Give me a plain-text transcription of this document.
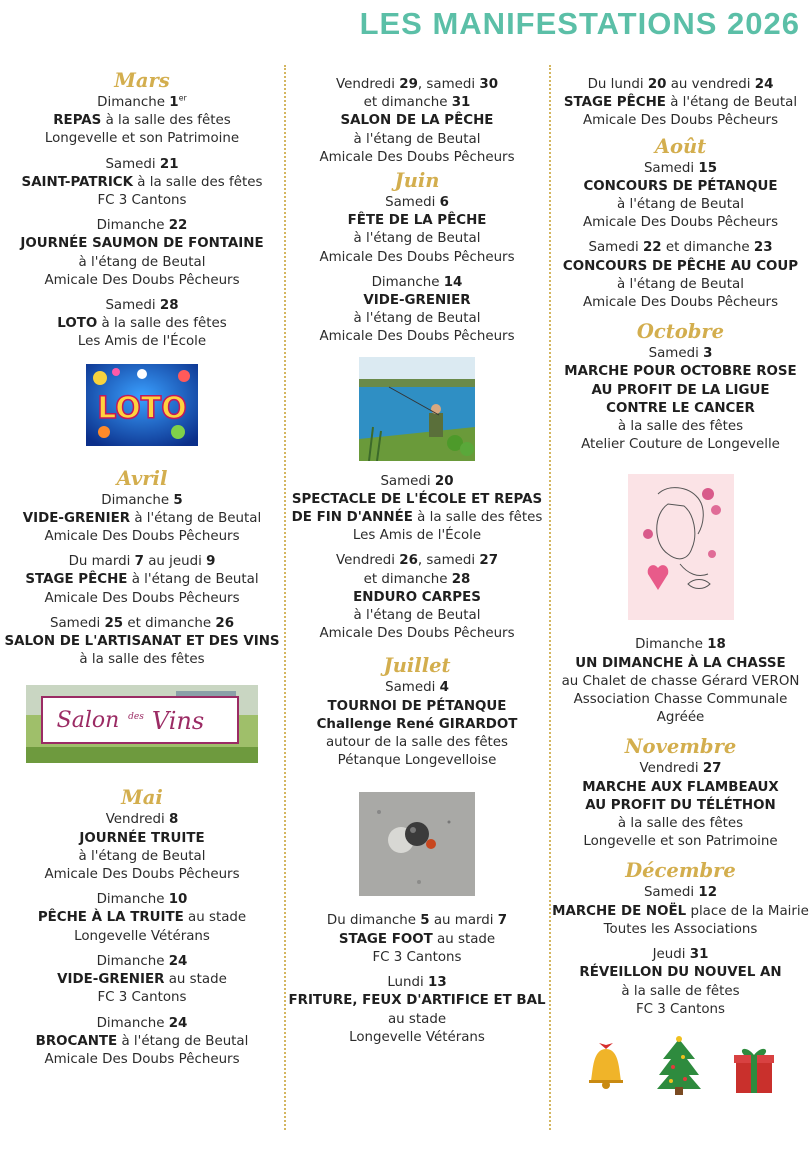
LES MANIFESTATIONS 2026
Mars
Dimanche 1er
REPAS à la salle des fêtes
Longevelle et son Patrimoine
Samedi 21
SAINT-PATRICK à la salle des fêtes
FC 3 Cantons
Dimanche 22
JOURNÉE SAUMON DE FONTAINE
à l'étang de Beutal
Amicale Des Doubs Pêcheurs
Samedi 28
LOTO à la salle des fêtes
Les Amis de l'École
LOTO
Avril
Dimanche 5
VIDE-GRENIER à l'étang de Beutal
Amicale Des Doubs Pêcheurs
Du mardi 7 au jeudi 9
STAGE PÊCHE à l'étang de Beutal
Amicale Des Doubs Pêcheurs
Samedi 25 et dimanche 26
SALON DE L'ARTISANAT ET DES VINS
à la salle des fêtes
Salon des Vins
Mai
Vendredi 8
JOURNÉE TRUITE
à l'étang de Beutal
Amicale Des Doubs Pêcheurs
Dimanche 10
PÊCHE À LA TRUITE au stade
Longevelle Vétérans
Dimanche 24
VIDE-GRENIER au stade
FC 3 Cantons
Dimanche 24
BROCANTE à l'étang de Beutal
Amicale Des Doubs Pêcheurs
Vendredi 29, samedi 30
et dimanche 31
SALON DE LA PÊCHE
à l'étang de Beutal
Amicale Des Doubs Pêcheurs
Juin
Samedi 6
FÊTE DE LA PÊCHE
à l'étang de Beutal
Amicale Des Doubs Pêcheurs
Dimanche 14
VIDE-GRENIER
à l'étang de Beutal
Amicale Des Doubs Pêcheurs
Samedi 20
SPECTACLE DE L'ÉCOLE ET REPAS
DE FIN D'ANNÉE à la salle des fêtes
Les Amis de l'École
Vendredi 26, samedi 27
et dimanche 28
ENDURO CARPES
à l'étang de Beutal
Amicale Des Doubs Pêcheurs
Juillet
Samedi 4
TOURNOI DE PÉTANQUE
Challenge René GIRARDOT
autour de la salle des fêtes
Pétanque Longevelloise
Du dimanche 5 au mardi 7
STAGE FOOT au stade
FC 3 Cantons
Lundi 13
FRITURE, FEUX D'ARTIFICE ET BAL
au stade
Longevelle Vétérans
Du lundi 20 au vendredi 24
STAGE PÊCHE à l'étang de Beutal
Amicale Des Doubs Pêcheurs
Août
Samedi 15
CONCOURS DE PÉTANQUE
à l'étang de Beutal
Amicale Des Doubs Pêcheurs
Samedi 22 et dimanche 23
CONCOURS DE PÊCHE AU COUP
à l'étang de Beutal
Amicale Des Doubs Pêcheurs
Octobre
Samedi 3
MARCHE POUR OCTOBRE ROSE
AU PROFIT DE LA LIGUE
CONTRE LE CANCER
à la salle des fêtes
Atelier Couture de Longevelle
Dimanche 18
UN DIMANCHE À LA CHASSE
au Chalet de chasse Gérard VERON
Association Chasse Communale
Agréée
Novembre
Vendredi 27
MARCHE AUX FLAMBEAUX
AU PROFIT DU TÉLÉTHON
à la salle des fêtes
Longevelle et son Patrimoine
Décembre
Samedi 12
MARCHE DE NOËL place de la Mairie
Toutes les Associations
Jeudi 31
RÉVEILLON DU NOUVEL AN
à la salle de fêtes
FC 3 Cantons
